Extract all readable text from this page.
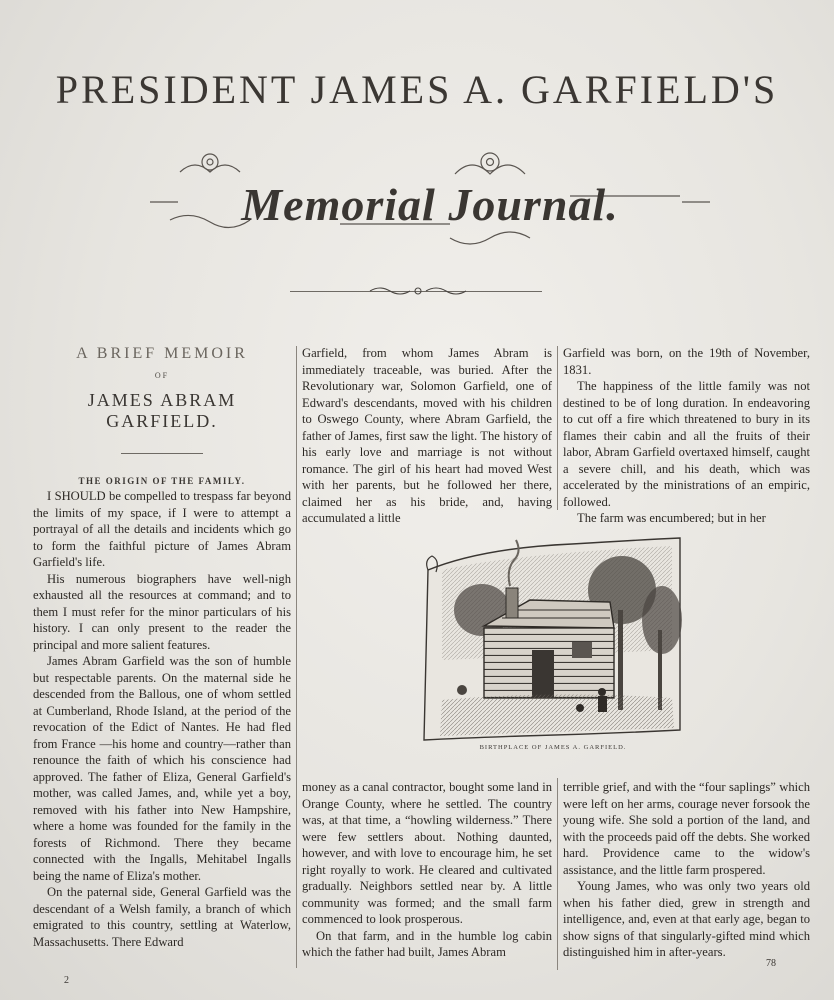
PRESIDENT JAMES A. GARFIELD'S
Memorial Journal.
A BRIEF MEMOIR
OF
JAMES ABRAM GARFIELD.
THE ORIGIN OF THE FAMILY.

I SHOULD be compelled to trespass far beyond the limits of my space, if I were to attempt a portrayal of all the details and incidents which go to form the faithful picture of James Abram Garfield's life.

His numerous biographers have well-nigh exhausted all the resources at command; and to them I must refer for the minor particulars of his history. I can only present to the reader the principal and more salient features.

James Abram Garfield was the son of humble but respectable parents. On the maternal side he descended from the Ballous, one of whom settled at Cumberland, Rhode Island, at the period of the revocation of the Edict of Nantes. He had fled from France —his home and country—rather than renounce the faith of which his conscience had approved. The father of Eliza, General Garfield's mother, was called James, and, while yet a boy, removed with his father into New Hampshire, where a home was founded for the family in the forests of Richmond. There they became connected with the Ingalls, Mehitabel Ingalls being the name of Eliza's mother.

On the paternal side, General Garfield was the descendant of a Welsh family, a branch of which emigrated to this country, settling at Waterlow, Massachusetts. There Edward

Garfield, from whom James Abram is immediately traceable, was buried. After the Revolutionary war, Solomon Garfield, one of Edward's descendants, moved with his children to Oswego County, where Abram Garfield, the father of James, first saw the light. The history of his early love and marriage is not without romance. The girl of his heart had moved West with her parents, but he followed her there, claimed her as his bride, and, having accumulated a little

Garfield was born, on the 19th of November, 1831.

The happiness of the little family was not destined to be of long duration. In endeavoring to cut off a fire which threatened to bury in its flames their cabin and all the fruits of their labor, Abram Garfield overtaxed himself, caught a severe chill, and his death, which was accelerated by the ministrations of an empiric, followed.

The farm was encumbered; but in her

BIRTHPLACE OF JAMES A. GARFIELD.

money as a canal contractor, bought some land in Orange County, where he settled. The country was, at that time, a “howling wilderness.” There were few settlers about. Nothing daunted, however, and with love to encourage him, he set right royally to work. He cleared and cultivated gradually. Neighbors settled near by. A little community was formed; and the small farm commenced to look prosperous.

On that farm, and in the humble log cabin which the father had built, James Abram

terrible grief, and with the “four saplings” which were left on her arms, courage never forsook the young wife. She sold a portion of the land, and with the proceeds paid off the debts. She worked hard. Providence came to the widow's assistance, and the little farm prospered.

Young James, who was only two years old when his father died, grew in strength and intelligence, and, even at that early age, began to show signs of that singularly-gifted mind which distinguished him in after-years.

2
78
